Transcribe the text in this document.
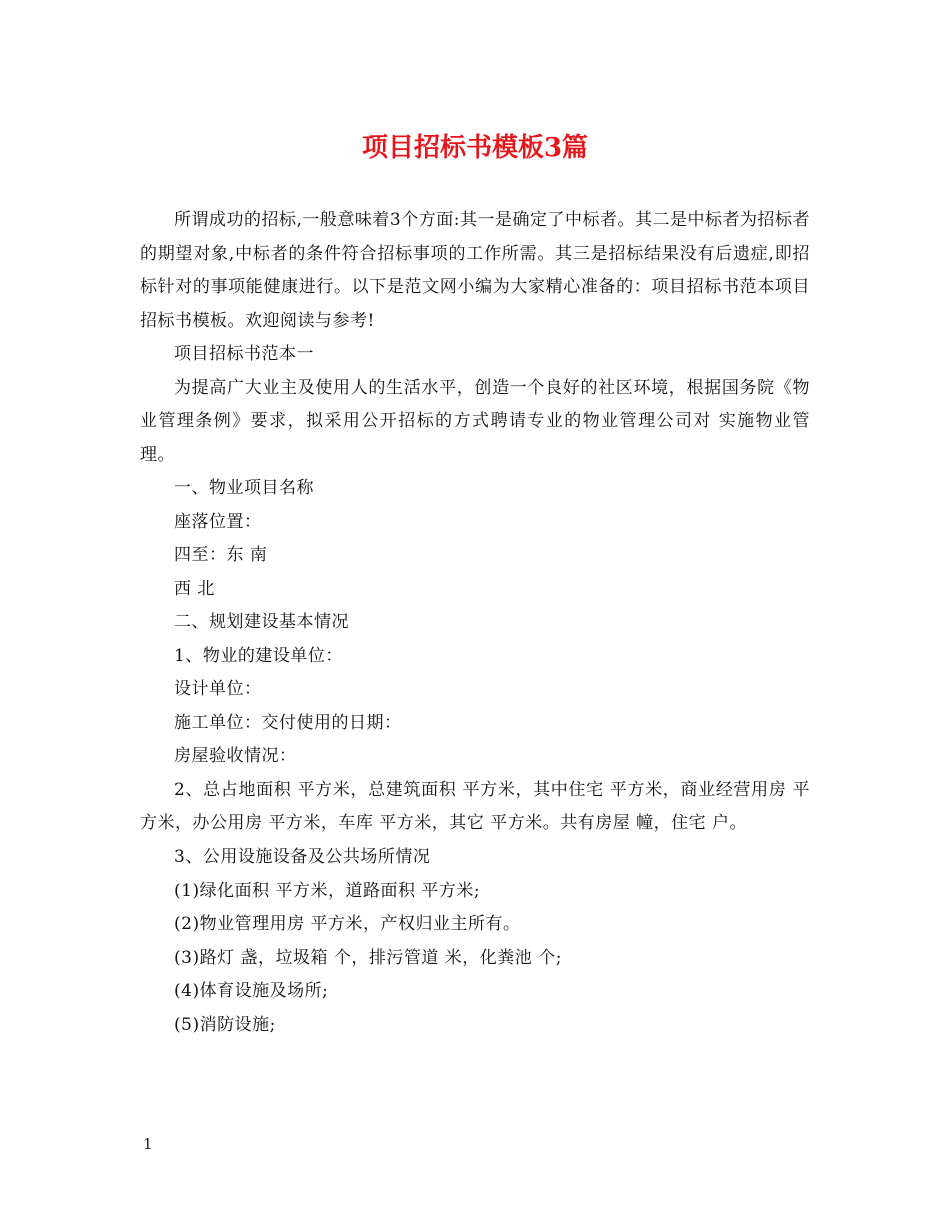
项目招标书模板3篇

所谓成功的招标,一般意味着3个方面:其一是确定了中标者。其二是中标者为招标者的期望对象,中标者的条件符合招标事项的工作所需。其三是招标结果没有后遗症,即招标针对的事项能健康进行。以下是范文网小编为大家精心准备的：项目招标书范本项目招标书模板。欢迎阅读与参考!

项目招标书范本一

为提高广大业主及使用人的生活水平，创造一个良好的社区环境，根据国务院《物业管理条例》要求，拟采用公开招标的方式聘请专业的物业管理公司对 实施物业管理。

一、物业项目名称

座落位置：

四至：东 南

西 北

二、规划建设基本情况

1、物业的建设单位：

设计单位：

施工单位：交付使用的日期：

房屋验收情况：

2、总占地面积 平方米，总建筑面积 平方米，其中住宅 平方米，商业经营用房 平方米，办公用房 平方米，车库 平方米，其它 平方米。共有房屋 幢，住宅 户。

3、公用设施设备及公共场所情况

(1)绿化面积 平方米，道路面积 平方米;

(2)物业管理用房 平方米，产权归业主所有。

(3)路灯 盏，垃圾箱 个，排污管道 米，化粪池 个;

(4)体育设施及场所;

(5)消防设施;

1
